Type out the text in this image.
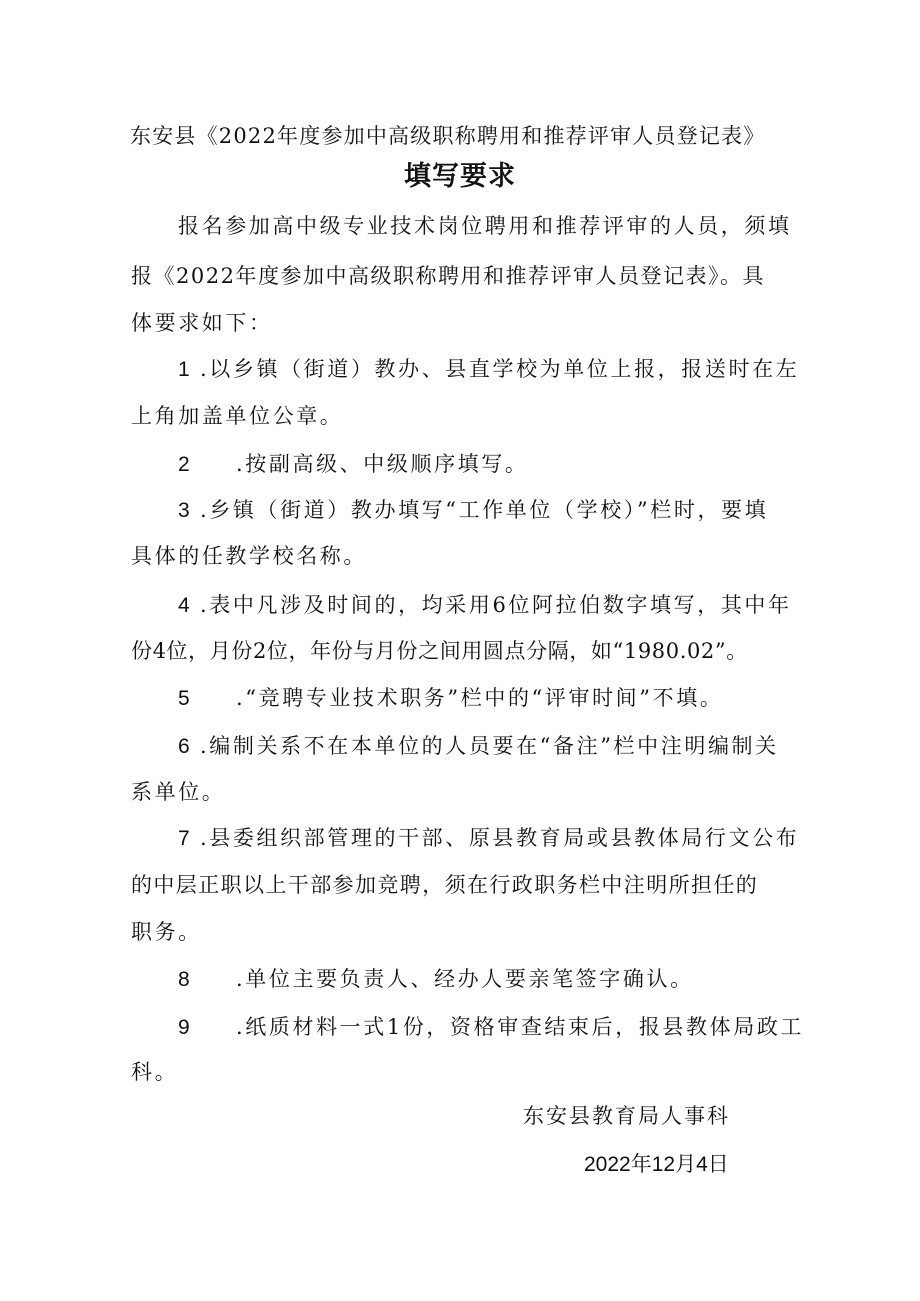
东安县《2022年度参加中高级职称聘用和推荐评审人员登记表》
填写要求
报名参加高中级专业技术岗位聘用和推荐评审的人员，须填
报《2022年度参加中高级职称聘用和推荐评审人员登记表》。具
体要求如下：
1 .以乡镇（街道）教办、县直学校为单位上报，报送时在左
上角加盖单位公章。
2 .按副高级、中级顺序填写。
3 .乡镇（街道）教办填写“工作单位（学校）”栏时，要填
具体的任教学校名称。
4 .表中凡涉及时间的，均采用6位阿拉伯数字填写，其中年
份4位，月份2位，年份与月份之间用圆点分隔，如“1980.02”。
5 .“竞聘专业技术职务”栏中的“评审时间”不填。
6 .编制关系不在本单位的人员要在“备注”栏中注明编制关
系单位。
7 .县委组织部管理的干部、原县教育局或县教体局行文公布
的中层正职以上干部参加竞聘，须在行政职务栏中注明所担任的
职务。
8 .单位主要负责人、经办人要亲笔签字确认。
9 .纸质材料一式1份，资格审查结束后，报县教体局政工
科。
东安县教育局人事科
2022年12月4日
